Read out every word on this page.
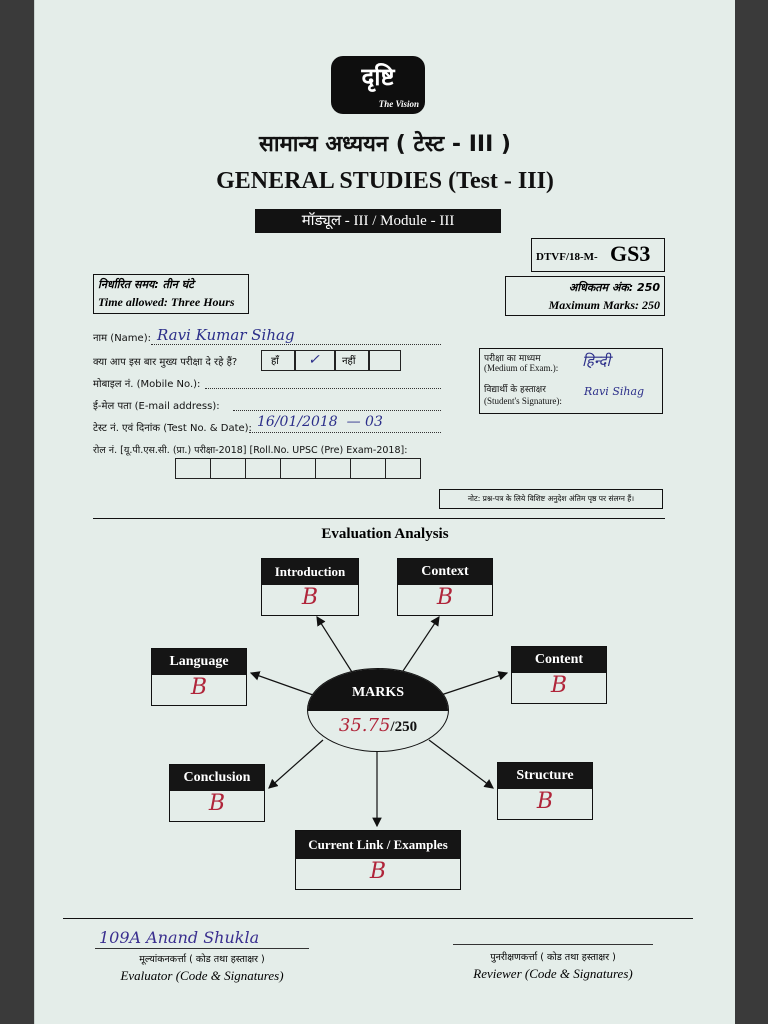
दृष्टि
The Vision
सामान्य अध्ययन ( टेस्ट - III )
GENERAL STUDIES (Test - III)
मॉड्यूल - III / Module - III
DTVF/18-M- GS3
निर्धारित समय: तीन घंटे
Time allowed: Three Hours
अधिकतम अंक: 250
Maximum Marks: 250
नाम (Name): Ravi Kumar Sihag
क्या आप इस बार मुख्य परीक्षा दे रहे हैं?	हाँ ✓ नहीं
मोबाइल नं. (Mobile No.):
ई-मेल पता (E-mail address):
टेस्ट नं. एवं दिनांक (Test No. & Date): 16/01/2018  — 03
रोल नं. [यू.पी.एस.सी. (प्रा.) परीक्षा-2018] [Roll.No. UPSC (Pre) Exam-2018]:
परीक्षा का माध्यम
(Medium of Exam.): हिन्दी
विद्यार्थी के हस्ताक्षर
(Student's Signature):
Ravi Sihag
नोट: प्रश्न-पत्र के लिये विशिष्ट अनुदेश अंतिम पृष्ठ पर संलग्न हैं।
Evaluation Analysis
Introduction
B
Context
B
Language
B
Content
B
MARKS
35.75/250
Conclusion
B
Structure
B
Current Link / Examples
B
109A Anand Shukla
मूल्यांकनकर्त्ता ( कोड तथा हस्ताक्षर )
Evaluator (Code & Signatures)
पुनरीक्षणकर्त्ता ( कोड तथा हस्ताक्षर )
Reviewer (Code & Signatures)
